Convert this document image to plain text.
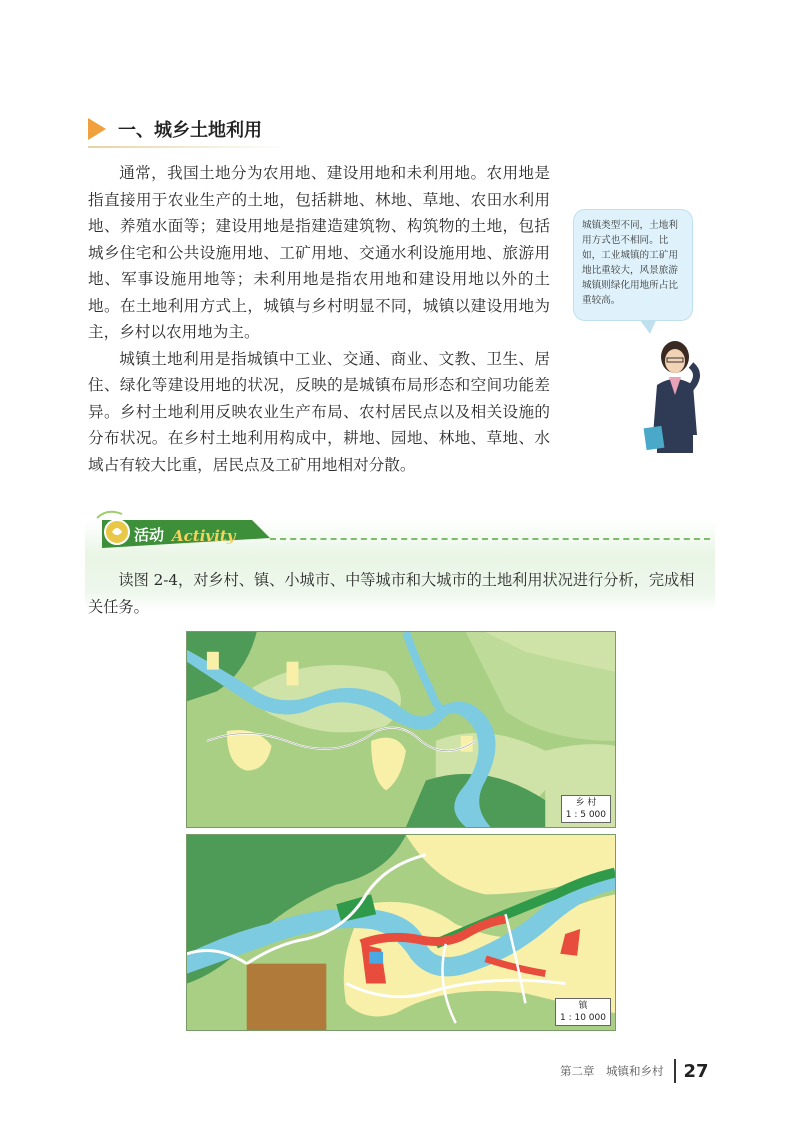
一、城乡土地利用

通常，我国土地分为农用地、建设用地和未利用地。农用地是指直接用于农业生产的土地，包括耕地、林地、草地、农田水利用地、养殖水面等；建设用地是指建造建筑物、构筑物的土地，包括城乡住宅和公共设施用地、工矿用地、交通水利设施用地、旅游用地、军事设施用地等；未利用地是指农用地和建设用地以外的土地。在土地利用方式上，城镇与乡村明显不同，城镇以建设用地为主，乡村以农用地为主。

城镇土地利用是指城镇中工业、交通、商业、文教、卫生、居住、绿化等建设用地的状况，反映的是城镇布局形态和空间功能差异。乡村土地利用反映农业生产布局、农村居民点以及相关设施的分布状况。在乡村土地利用构成中，耕地、园地、林地、草地、水域占有较大比重，居民点及工矿用地相对分散。

城镇类型不同，土地利用方式也不相同。比如，工业城镇的工矿用地比重较大，风景旅游城镇则绿化用地所占比重较高。
活动 Activity

读图 2-4，对乡村、镇、小城市、中等城市和大城市的土地利用状况进行分析，完成相关任务。

乡 村
1 : 5 000
镇
1 : 10 000
第二章　城镇和乡村 27
